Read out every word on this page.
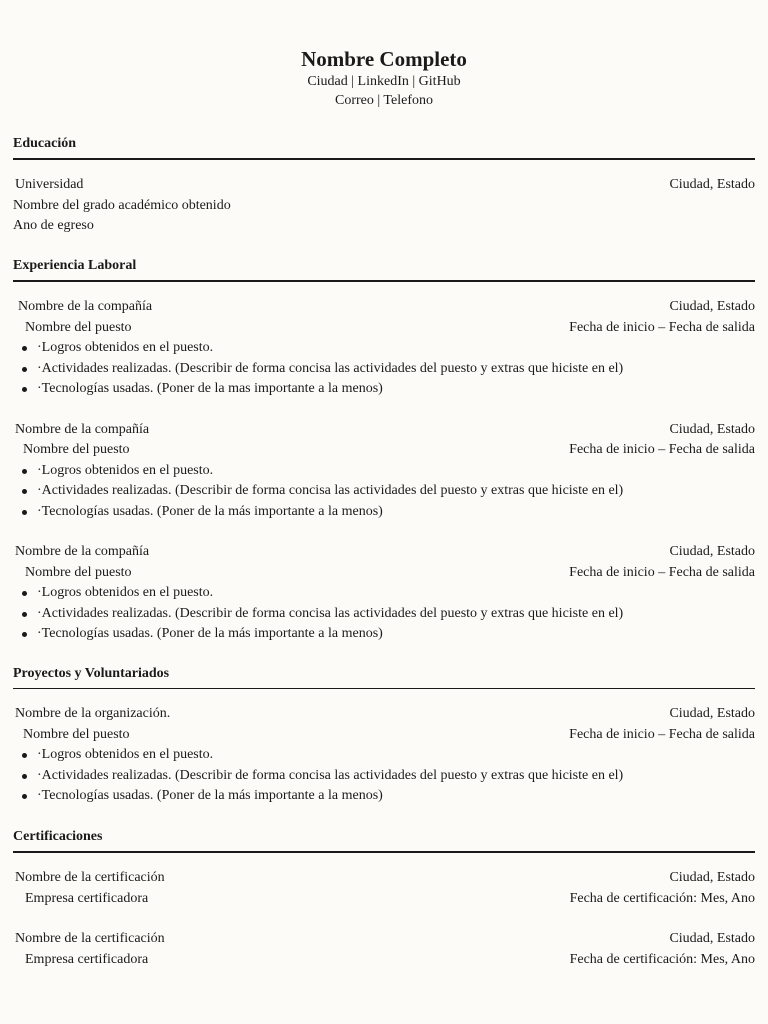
Nombre Completo

Ciudad | LinkedIn | GitHub

Correo | Telefono

Educación
Universidad	Ciudad, Estado
Nombre del grado académico obtenido
Ano de egreso
Experiencia Laboral
Nombre de la compañía	Ciudad, Estado
Nombre del puesto	Fecha de inicio – Fecha de salida
·Logros obtenidos en el puesto.
·Actividades realizadas. (Describir de forma concisa las actividades del puesto y extras que hiciste en el)
·Tecnologías usadas. (Poner de la mas importante a la menos)
Nombre de la compañía	Ciudad, Estado
Nombre del puesto	Fecha de inicio – Fecha de salida
·Logros obtenidos en el puesto.
·Actividades realizadas. (Describir de forma concisa las actividades del puesto y extras que hiciste en el)
·Tecnologías usadas. (Poner de la más importante a la menos)
Nombre de la compañía	Ciudad, Estado
Nombre del puesto	Fecha de inicio – Fecha de salida
·Logros obtenidos en el puesto.
·Actividades realizadas. (Describir de forma concisa las actividades del puesto y extras que hiciste en el)
·Tecnologías usadas. (Poner de la más importante a la menos)
Proyectos y Voluntariados
Nombre de la organización.	Ciudad, Estado
Nombre del puesto	Fecha de inicio – Fecha de salida
·Logros obtenidos en el puesto.
·Actividades realizadas. (Describir de forma concisa las actividades del puesto y extras que hiciste en el)
·Tecnologías usadas. (Poner de la más importante a la menos)
Certificaciones
Nombre de la certificación	Ciudad, Estado
Empresa certificadora	Fecha de certificación: Mes, Ano
Nombre de la certificación	Ciudad, Estado
Empresa certificadora	Fecha de certificación: Mes, Ano
